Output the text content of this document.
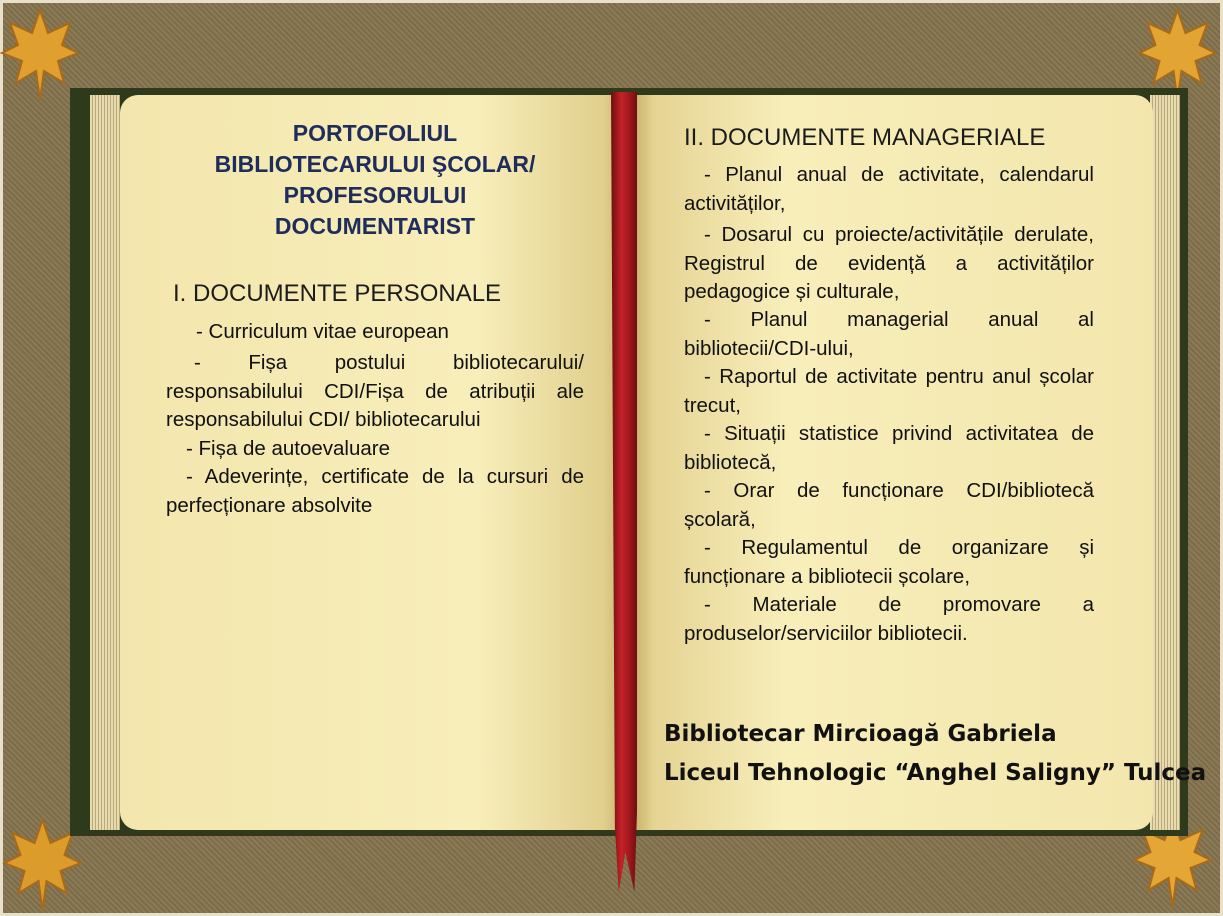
PORTOFOLIUL
BIBLIOTECARULUI ŞCOLAR/
PROFESORULUI
DOCUMENTARIST
I. DOCUMENTE PERSONALE
- Curriculum vitae european
- Fișa postului bibliotecarului/ responsabilului CDI/Fișa de atribuții ale responsabilului CDI/ bibliotecarului
- Fișa de autoevaluare
- Adeverințe, certificate de la cursuri de perfecționare absolvite
II. DOCUMENTE MANAGERIALE
- Planul anual de activitate, calendarul activităților,
- Dosarul cu proiecte/activitățile derulate, Registrul de evidență a activităților pedagogice și culturale,
- Planul managerial anual al bibliotecii/CDI-ului,
- Raportul de activitate pentru anul școlar trecut,
- Situații statistice privind activitatea de bibliotecă,
- Orar de funcționare CDI/bibliotecă școlară,
- Regulamentul de organizare și funcționare a bibliotecii școlare,
- Materiale de promovare a produselor/serviciilor bibliotecii.
Bibliotecar Mircioagă Gabriela
Liceul Tehnologic “Anghel Saligny” Tulcea
